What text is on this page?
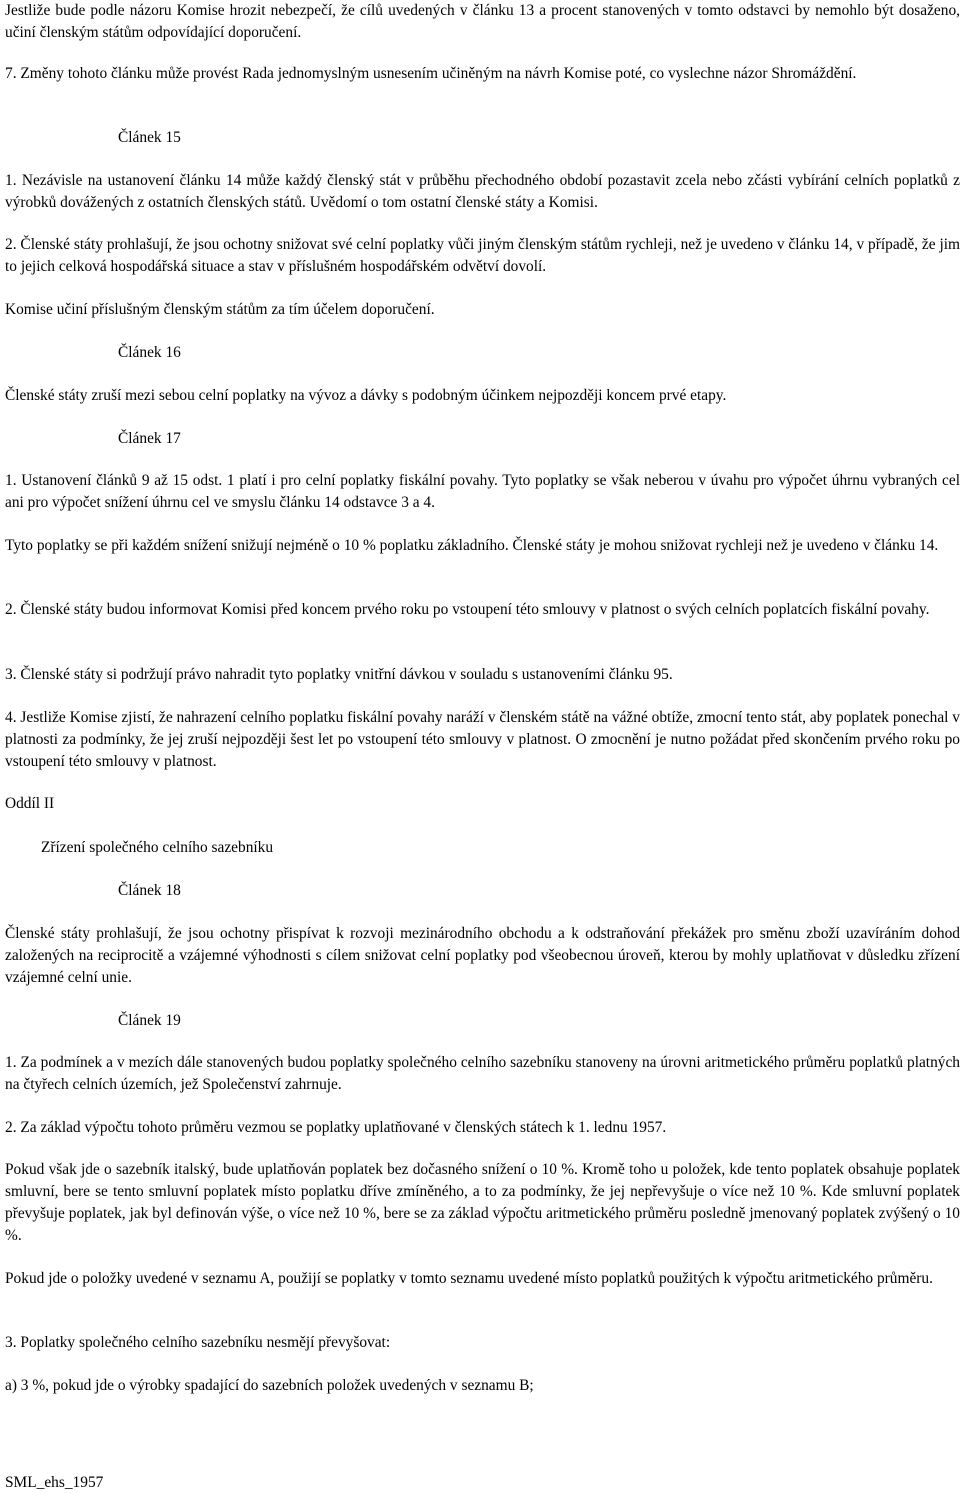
Jestliže bude podle názoru Komise hrozit nebezpečí, že cílů uvedených v článku 13 a procent stanovených v tomto odstavci by nemohlo být dosaženo, učiní členským státům odpovídající doporučení.

7. Změny tohoto článku může provést Rada jednomyslným usnesením učiněným na návrh Komise poté, co vyslechne názor Shromáždění.

Článek 15

1. Nezávisle na ustanovení článku 14 může každý členský stát v průběhu přechodného období pozastavit zcela nebo zčásti vybírání celních poplatků z výrobků dovážených z ostatních členských států. Uvědomí o tom ostatní členské státy a Komisi.

2. Členské státy prohlašují, že jsou ochotny snižovat své celní poplatky vůči jiným členským státům rychleji, než je uvedeno v článku 14, v případě, že jim to jejich celková hospodářská situace a stav v příslušném hospodářském odvětví dovolí.

Komise učiní příslušným členským státům za tím účelem doporučení.

Článek 16

Členské státy zruší mezi sebou celní poplatky na vývoz a dávky s podobným účinkem nejpozději koncem prvé etapy.

Článek 17

1. Ustanovení článků 9 až 15 odst. 1 platí i pro celní poplatky fiskální povahy. Tyto poplatky se však neberou v úvahu pro výpočet úhrnu vybraných cel ani pro výpočet snížení úhrnu cel ve smyslu článku 14 odstavce 3 a 4.

Tyto poplatky se při každém snížení snižují nejméně o 10 % poplatku základního. Členské státy je mohou snižovat rychleji než je uvedeno v článku 14.

2. Členské státy budou informovat Komisi před koncem prvého roku po vstoupení této smlouvy v platnost o svých celních poplatcích fiskální povahy.

3. Členské státy si podržují právo nahradit tyto poplatky vnitřní dávkou v souladu s ustanoveními článku 95.

4. Jestliže Komise zjistí, že nahrazení celního poplatku fiskální povahy naráží v členském státě na vážné obtíže, zmocní tento stát, aby poplatek ponechal v platnosti za podmínky, že jej zruší nejpozději šest let po vstoupení této smlouvy v platnost. O zmocnění je nutno požádat před skončením prvého roku po vstoupení této smlouvy v platnost.

Oddíl II

Zřízení společného celního sazebníku

Článek 18

Členské státy prohlašují, že jsou ochotny přispívat k rozvoji mezinárodního obchodu a k odstraňování překážek pro směnu zboží uzavíráním dohod založených na reciprocitě a vzájemné výhodnosti s cílem snižovat celní poplatky pod všeobecnou úroveň, kterou by mohly uplatňovat v důsledku zřízení vzájemné celní unie.

Článek 19

1. Za podmínek a v mezích dále stanovených budou poplatky společného celního sazebníku stanoveny na úrovni aritmetického průměru poplatků platných na čtyřech celních územích, jež Společenství zahrnuje.

2. Za základ výpočtu tohoto průměru vezmou se poplatky uplatňované v členských státech k 1. lednu 1957.

Pokud však jde o sazebník italský, bude uplatňován poplatek bez dočasného snížení o 10 %. Kromě toho u položek, kde tento poplatek obsahuje poplatek smluvní, bere se tento smluvní poplatek místo poplatku dříve zmíněného, a to za podmínky, že jej nepřevyšuje o více než 10 %. Kde smluvní poplatek převyšuje poplatek, jak byl definován výše, o více než 10 %, bere se za základ výpočtu aritmetického průměru posledně jmenovaný poplatek zvýšený o 10 %.

Pokud jde o položky uvedené v seznamu A, použijí se poplatky v tomto seznamu uvedené místo poplatků použitých k výpočtu aritmetického průměru.

3. Poplatky společného celního sazebníku nesmějí převyšovat:

a) 3 %, pokud jde o výrobky spadající do sazebních položek uvedených v seznamu B;

SML_ehs_1957
